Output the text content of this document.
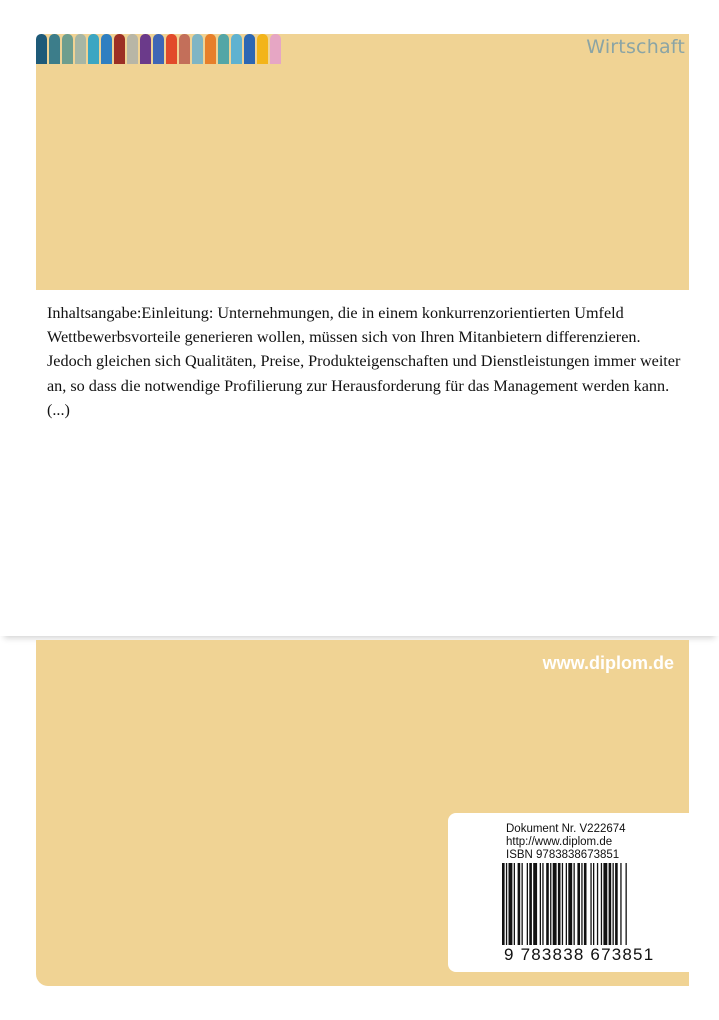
Wirtschaft

Inhaltsangabe:Einleitung: Unternehmungen, die in einem konkurrenzorientierten Umfeld Wettbewerbsvorteile generieren wollen, müssen sich von Ihren Mitanbietern differenzieren. Jedoch gleichen sich Qualitäten, Preise, Produkteigenschaften und Dienstleistungen immer weiter an, so dass die notwendige Profilierung zur Herausforderung für das Management werden kann. (...)

www.diplom.de
Dokument Nr. V222674
http://www.diplom.de
ISBN 9783838673851
9 783838 673851
